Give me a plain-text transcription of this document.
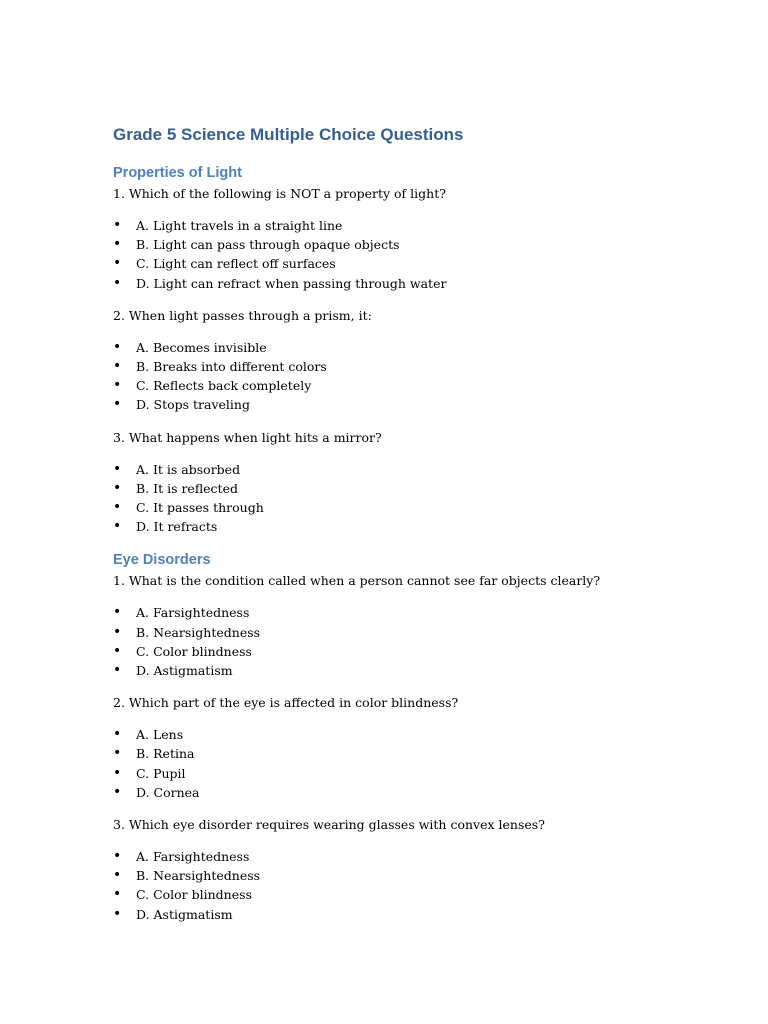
Grade 5 Science Multiple Choice Questions
Properties of Light

1. Which of the following is NOT a property of light?

• A. Light travels in a straight line
• B. Light can pass through opaque objects
• C. Light can reflect off surfaces
• D. Light can refract when passing through water

2. When light passes through a prism, it:

• A. Becomes invisible
• B. Breaks into different colors
• C. Reflects back completely
• D. Stops traveling

3. What happens when light hits a mirror?

• A. It is absorbed
• B. It is reflected
• C. It passes through
• D. It refracts
Eye Disorders

1. What is the condition called when a person cannot see far objects clearly?

• A. Farsightedness
• B. Nearsightedness
• C. Color blindness
• D. Astigmatism

2. Which part of the eye is affected in color blindness?

• A. Lens
• B. Retina
• C. Pupil
• D. Cornea

3. Which eye disorder requires wearing glasses with convex lenses?

• A. Farsightedness
• B. Nearsightedness
• C. Color blindness
• D. Astigmatism
